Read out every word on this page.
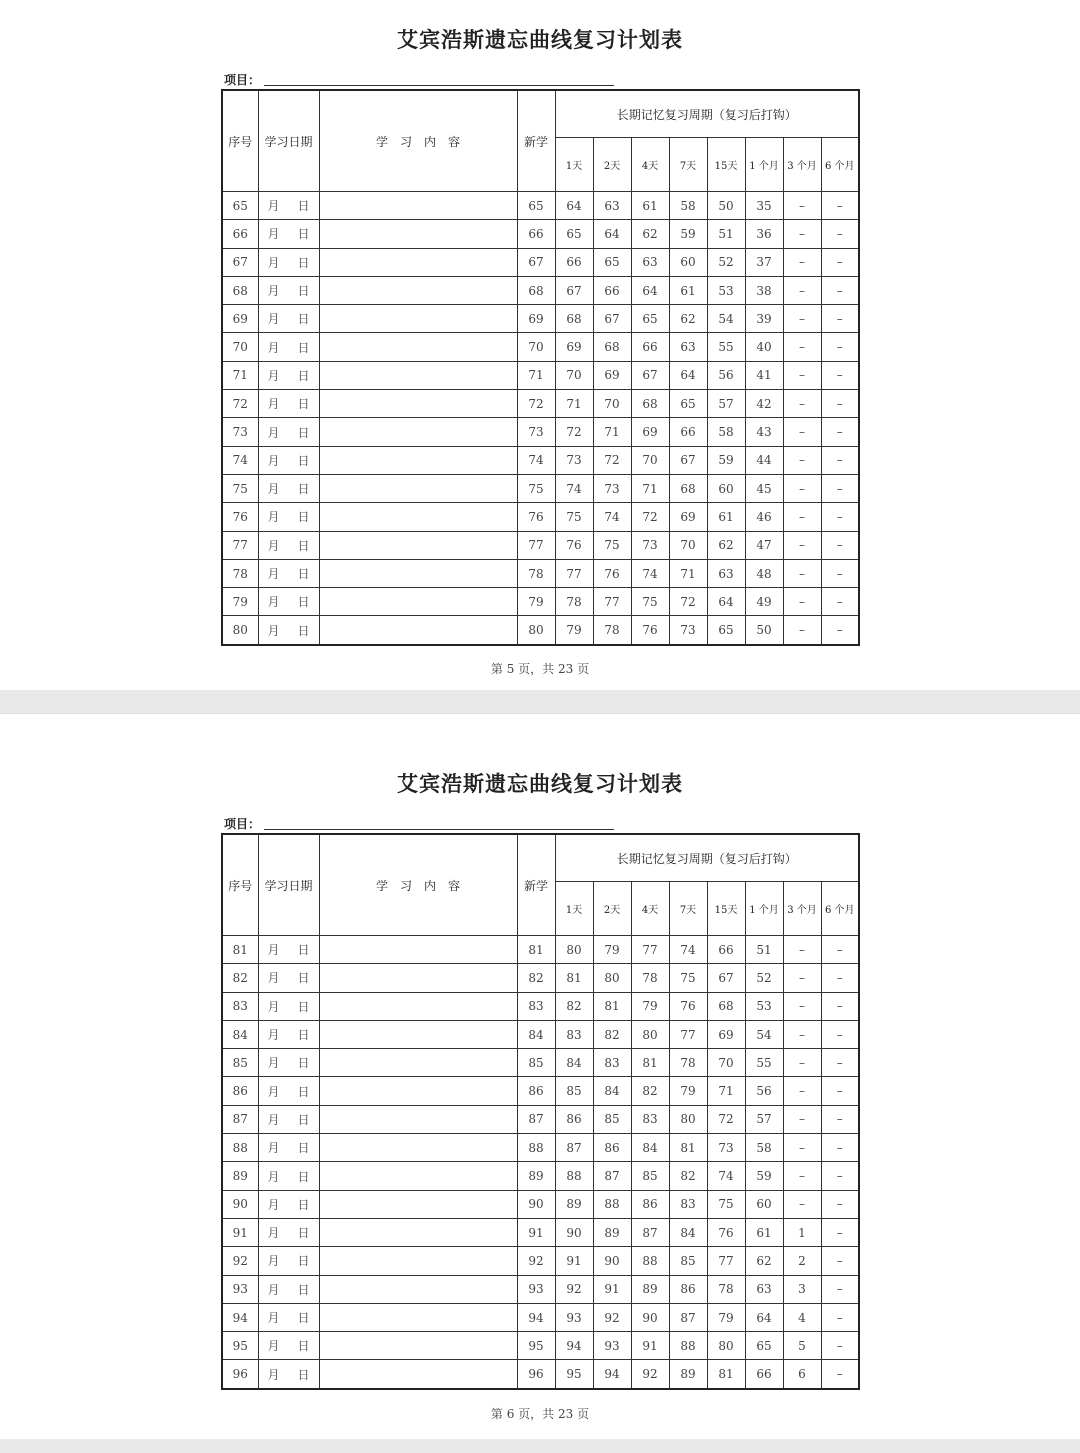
艾宾浩斯遗忘曲线复习计划表
项目：
序号	学习日期	学　习　内　容	新学	长期记忆复习周期（复习后打钩）							
				1天	2天	4天	7天	15天	1 个月	3 个月	6 个月
65	月 日		65	64	63	61	58	50	35	–	–
66	月 日		66	65	64	62	59	51	36	–	–
67	月 日		67	66	65	63	60	52	37	–	–
68	月 日		68	67	66	64	61	53	38	–	–
69	月 日		69	68	67	65	62	54	39	–	–
70	月 日		70	69	68	66	63	55	40	–	–
71	月 日		71	70	69	67	64	56	41	–	–
72	月 日		72	71	70	68	65	57	42	–	–
73	月 日		73	72	71	69	66	58	43	–	–
74	月 日		74	73	72	70	67	59	44	–	–
75	月 日		75	74	73	71	68	60	45	–	–
76	月 日		76	75	74	72	69	61	46	–	–
77	月 日		77	76	75	73	70	62	47	–	–
78	月 日		78	77	76	74	71	63	48	–	–
79	月 日		79	78	77	75	72	64	49	–	–
80	月 日		80	79	78	76	73	65	50	–	–
第 5 页，共 23 页
艾宾浩斯遗忘曲线复习计划表
项目：
序号	学习日期	学　习　内　容	新学	长期记忆复习周期（复习后打钩）							
				1天	2天	4天	7天	15天	1 个月	3 个月	6 个月
81	月 日		81	80	79	77	74	66	51	–	–
82	月 日		82	81	80	78	75	67	52	–	–
83	月 日		83	82	81	79	76	68	53	–	–
84	月 日		84	83	82	80	77	69	54	–	–
85	月 日		85	84	83	81	78	70	55	–	–
86	月 日		86	85	84	82	79	71	56	–	–
87	月 日		87	86	85	83	80	72	57	–	–
88	月 日		88	87	86	84	81	73	58	–	–
89	月 日		89	88	87	85	82	74	59	–	–
90	月 日		90	89	88	86	83	75	60	–	–
91	月 日		91	90	89	87	84	76	61	1	–
92	月 日		92	91	90	88	85	77	62	2	–
93	月 日		93	92	91	89	86	78	63	3	–
94	月 日		94	93	92	90	87	79	64	4	–
95	月 日		95	94	93	91	88	80	65	5	–
96	月 日		96	95	94	92	89	81	66	6	–
第 6 页，共 23 页
